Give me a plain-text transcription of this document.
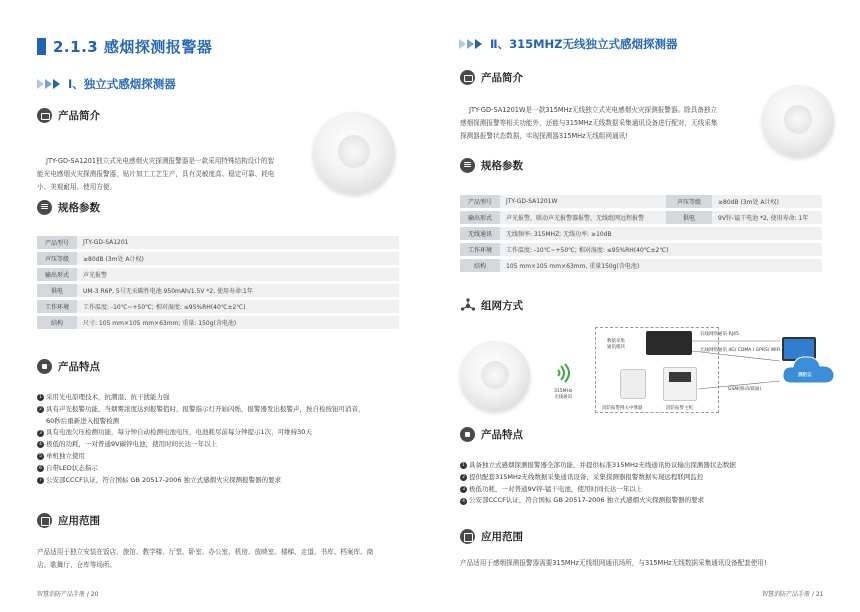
2.1.3 感烟探测报警器
Ⅰ、独立式感烟探测器
产品简介
JTY-GD-SA1201独立式光电感烟火灾探测报警器是一款采用特殊结构设计的智
能光电感烟火灾探测报警器，贴片加工工艺生产，具有灵敏度高、稳定可靠、耗电
小、美观耐用、使用方便。
规格参数
产品型号	JTY-GD-SA1201
声压等级	≥80dB (3m处 A计权)
输出形式	声光报警
供电	UM-3 R6P, 5号无汞碳性电池 950mAh/1.5V *2, 使用寿命:1年
工作环境	工作温度: -10℃~+50℃; 相对湿度: ≤95%RH(40℃±2℃)
结构	尺寸: 105 mm×105 mm×63mm; 重量: 150g(含电池)
产品特点
1 采用光电原理技术，抗潮湿、抗干扰能力强
2 具有声光报警功能，当烟雾浓度达到报警值时，报警指示灯开始闪烁，报警器发出报警声，按自检按钮可消音，
60秒后重新进入报警检测
3 具有电池欠压检测功能，每分钟自动检测电池电压，电池耗尽前每分钟提示1次，可维持30天
4 极低的功耗，一对普通9V碳锌电池，使用时间长达一年以上
5 单机独立使用
6 自带LED状态指示
7 公安部CCCF认证，符合国标 GB 20517-2006 独立式感烟火灾探测报警器的要求
应用范围
产品适用于独立安装在饭店、旅馆、教学楼、厅堂、卧室、办公室、机房、放映室、楼梯、走道、书库、档案库、商
店、歌舞厅、仓库等场所。
智慧消防产品手册 / 20
Ⅱ、315MHZ无线独立式感烟探测器
产品简介
JTY-GD-SA1201W是一款315MHz无线独立式光电感烟火灾探测报警器。除具备独立
感烟探测报警等相关功能外，还能与315MHz无线数据采集通讯设备进行配对，无线采集
探测器报警状态数据，实现探测器315MHz无线组网通讯!
规格参数
产品型号	JTY-GD-SA1201W	声压等级	≥80dB (3m处 A计权)
输出形式	声光报警，联动声光报警器报警，无线组网远程报警	供电	9V锌-锰干电池 *2, 使用寿命: 1年
无线通讯	无线频率: 315MHZ; 无线功率: ≥10dB		
工作环境	工作温度: -10℃~+50℃; 相对湿度: ≤95%RH(40℃±2℃)		
结构	105 mm×105 mm×63mm, 重量150g(含电池)		
组网方式
315MHz
无线通讯
数据采集
通讯模块
消防报警网关中继器	消防报警主机
有线网络通讯-RJ45
无线网络通讯 4G/ CDMA / GPRS/ WIFI
GSM(移动/联通)
消防云
产品特点
1 具备独立式感烟探测报警器全部功能，并提供标准315MHz无线通讯协议输出探测器状态数据
2 提供配套315MHz无线数据采集通讯设备，采集探测器报警数据实现远程联网监控
3 极低功耗，一对普通9V锌-锰干电池，使用时间长达一年以上
4 公安部CCCF认证，符合国标 GB 20517-2006 独立式感烟火灾探测报警器的要求
应用范围
产品适用于感烟探测报警器需要315MHz无线组网通讯场所，与315MHz无线数据采集通讯设备配套使用!
智慧消防产品手册 / 21
